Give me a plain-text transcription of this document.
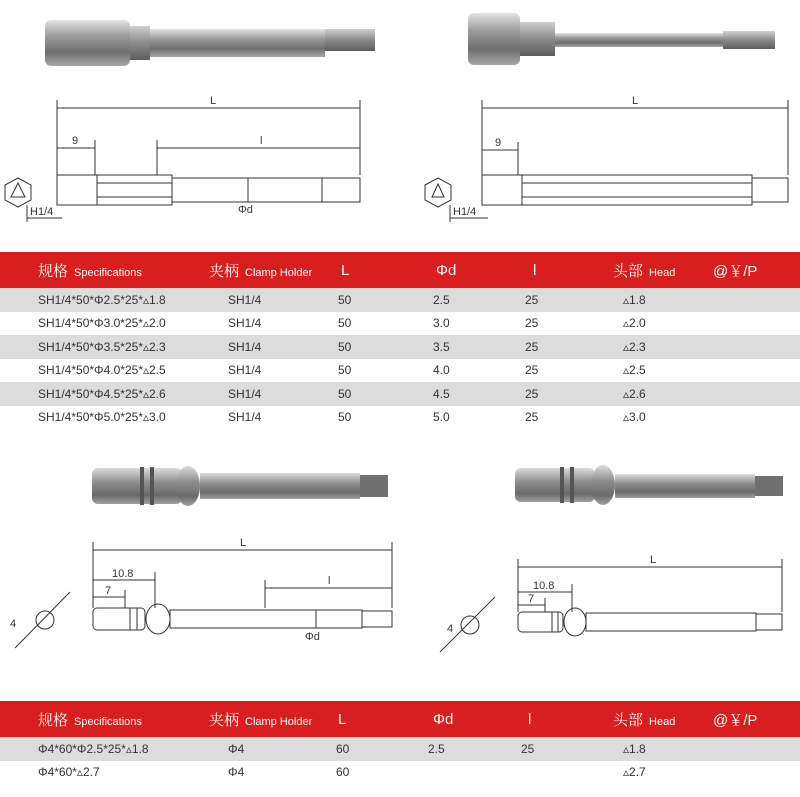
L
9	l
Φd
H1/4
L
9
H1/4
规格 Specifications	夹柄 Clamp Holder	L	Φd	l	头部 Head	@￥/P
SH1/4*50*Φ2.5*25*▵1.8	SH1/4	50	2.5	25	▵1.8	
SH1/4*50*Φ3.0*25*▵2.0	SH1/4	50	3.0	25	▵2.0	
SH1/4*50*Φ3.5*25*▵2.3	SH1/4	50	3.5	25	▵2.3	
SH1/4*50*Φ4.0*25*▵2.5	SH1/4	50	4.0	25	▵2.5	
SH1/4*50*Φ4.5*25*▵2.6	SH1/4	50	4.5	25	▵2.6	
SH1/4*50*Φ5.0*25*▵3.0	SH1/4	50	5.0	25	▵3.0	
L
10.8
7
l
Φd
4
L
10.8
7
4
规格 Specifications	夹柄 Clamp Holder	L	Φd	l	头部 Head	@￥/P
Φ4*60*Φ2.5*25*▵1.8	Φ4	60	2.5	25	▵1.8	
Φ4*60*▵2.7	Φ4	60			▵2.7	
